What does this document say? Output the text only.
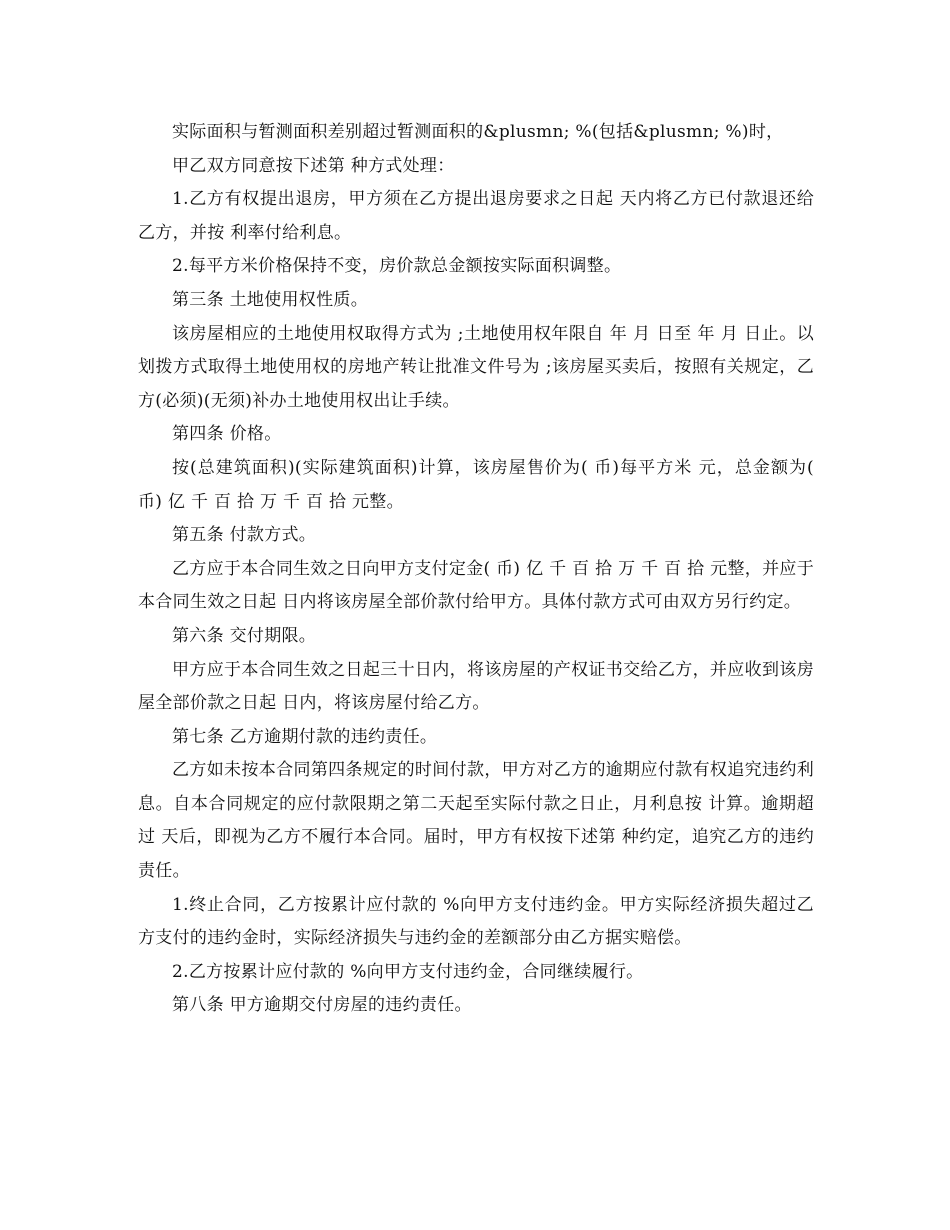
实际面积与暂测面积差别超过暂测面积的&plusmn; %(包括&plusmn; %)时，

甲乙双方同意按下述第 种方式处理：

1.乙方有权提出退房，甲方须在乙方提出退房要求之日起 天内将乙方已付款退还给乙方，并按 利率付给利息。

2.每平方米价格保持不变，房价款总金额按实际面积调整。

第三条 土地使用权性质。

该房屋相应的土地使用权取得方式为 ;土地使用权年限自 年 月 日至 年 月 日止。以划拨方式取得土地使用权的房地产转让批准文件号为 ;该房屋买卖后，按照有关规定，乙方(必须)(无须)补办土地使用权出让手续。

第四条 价格。

按(总建筑面积)(实际建筑面积)计算，该房屋售价为( 币)每平方米 元，总金额为( 币) 亿 千 百 拾 万 千 百 拾 元整。

第五条 付款方式。

乙方应于本合同生效之日向甲方支付定金( 币) 亿 千 百 拾 万 千 百 拾 元整，并应于本合同生效之日起 日内将该房屋全部价款付给甲方。具体付款方式可由双方另行约定。

第六条 交付期限。

甲方应于本合同生效之日起三十日内，将该房屋的产权证书交给乙方，并应收到该房屋全部价款之日起 日内，将该房屋付给乙方。

第七条 乙方逾期付款的违约责任。

乙方如未按本合同第四条规定的时间付款，甲方对乙方的逾期应付款有权追究违约利息。自本合同规定的应付款限期之第二天起至实际付款之日止，月利息按 计算。逾期超过 天后，即视为乙方不履行本合同。届时，甲方有权按下述第 种约定，追究乙方的违约责任。

1.终止合同，乙方按累计应付款的 %向甲方支付违约金。甲方实际经济损失超过乙方支付的违约金时，实际经济损失与违约金的差额部分由乙方据实赔偿。

2.乙方按累计应付款的 %向甲方支付违约金，合同继续履行。

第八条 甲方逾期交付房屋的违约责任。
